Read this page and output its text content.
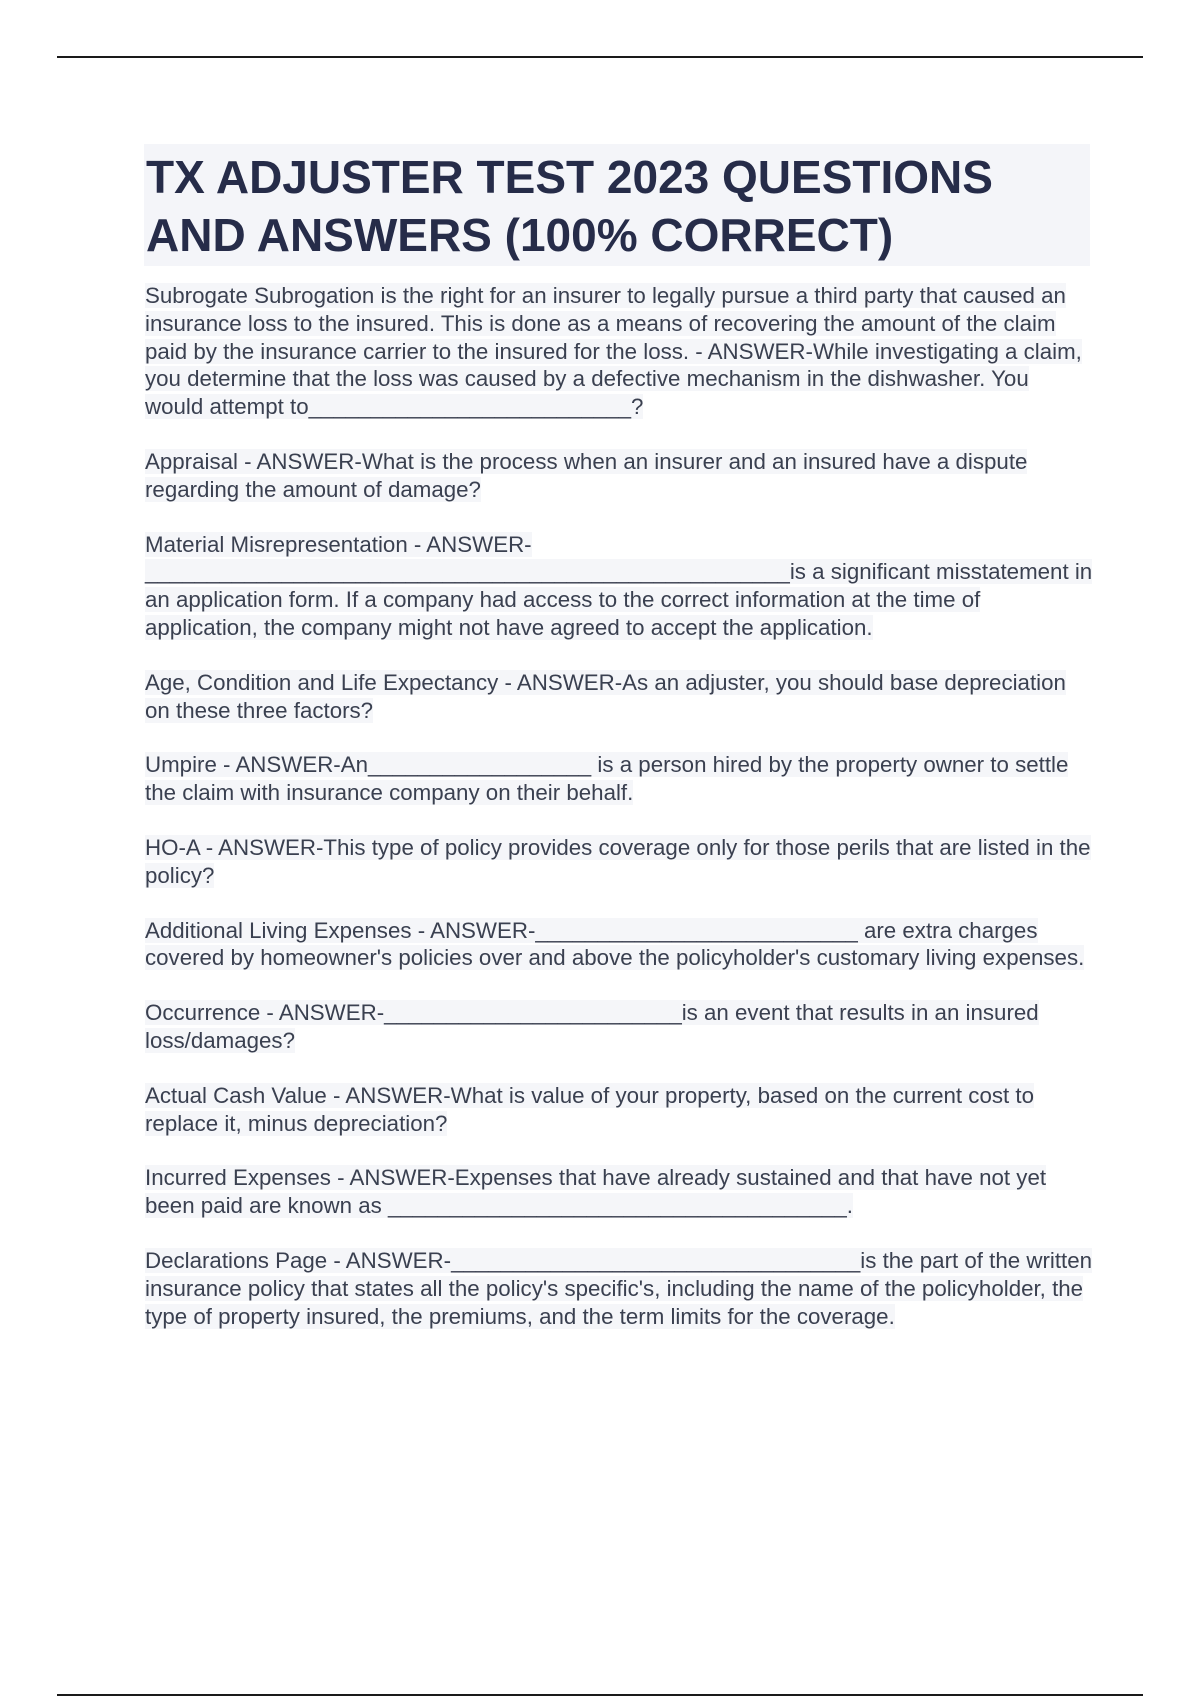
TX ADJUSTER TEST 2023 QUESTIONS AND ANSWERS (100% CORRECT)

Subrogate Subrogation is the right for an insurer to legally pursue a third party that caused an insurance loss to the insured. This is done as a means of recovering the amount of the claim paid by the insurance carrier to the insured for the loss. - ANSWER-While investigating a claim, you determine that the loss was caused by a defective mechanism in the dishwasher. You would attempt to__________________________?

Appraisal - ANSWER-What is the process when an insurer and an insured have a dispute regarding the amount of damage?

Material Misrepresentation - ANSWER-____________________________________________________is a significant misstatement in an application form. If a company had access to the correct information at the time of application, the company might not have agreed to accept the application.

Age, Condition and Life Expectancy - ANSWER-As an adjuster, you should base depreciation on these three factors?

Umpire - ANSWER-An__________________ is a person hired by the property owner to settle the claim with insurance company on their behalf.

HO-A - ANSWER-This type of policy provides coverage only for those perils that are listed in the policy?

Additional Living Expenses - ANSWER-__________________________ are extra charges covered by homeowner's policies over and above the policyholder's customary living expenses.

Occurrence - ANSWER-________________________is an event that results in an insured loss/damages?

Actual Cash Value - ANSWER-What is value of your property, based on the current cost to replace it, minus depreciation?

Incurred Expenses - ANSWER-Expenses that have already sustained and that have not yet been paid are known as _____________________________________.

Declarations Page - ANSWER-_________________________________is the part of the written insurance policy that states all the policy's specific's, including the name of the policyholder, the type of property insured, the premiums, and the term limits for the coverage.
